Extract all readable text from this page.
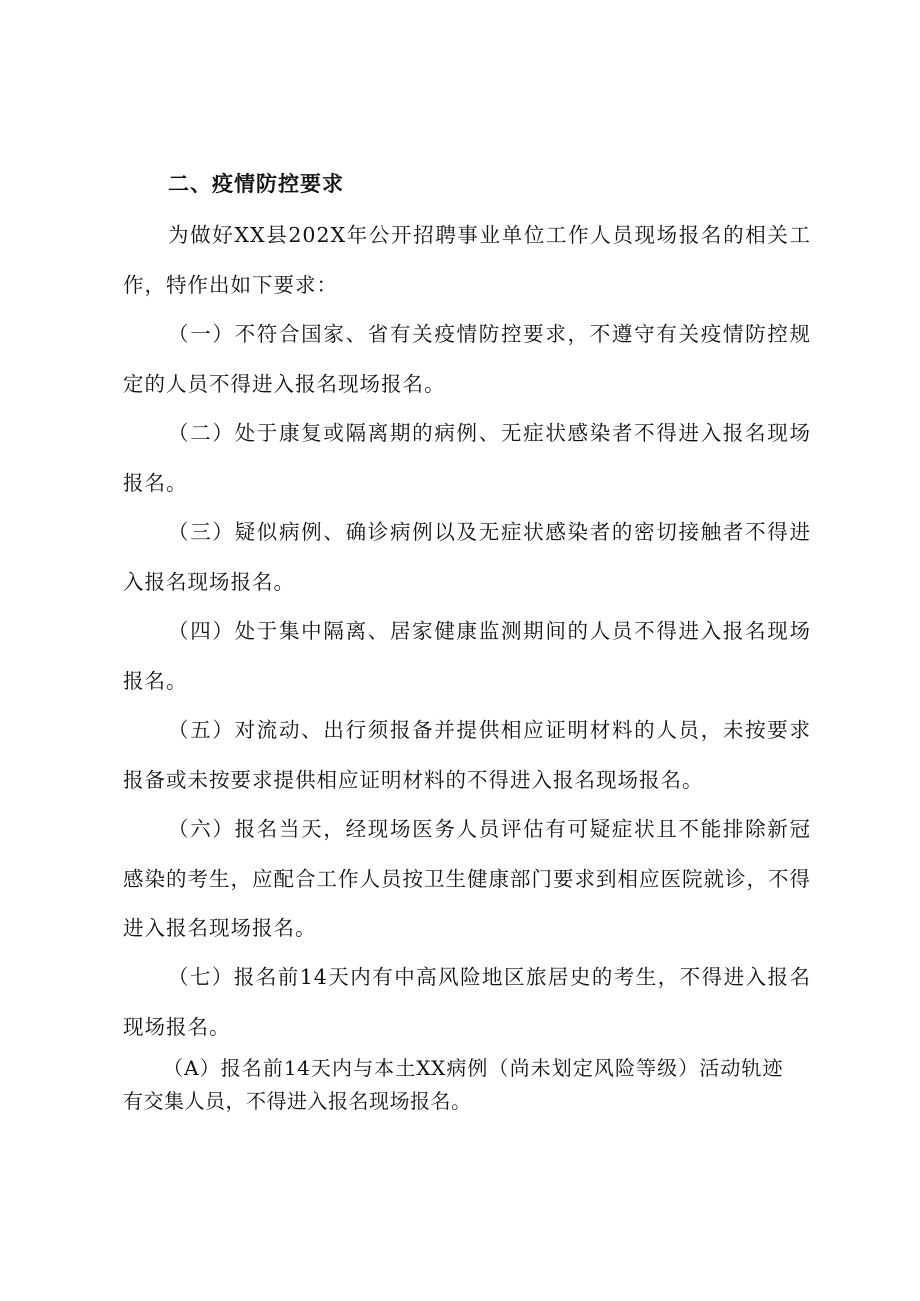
二、疫情防控要求

为做好XX县202X年公开招聘事业单位工作人员现场报名的相关工作，特作出如下要求：

（一）不符合国家、省有关疫情防控要求，不遵守有关疫情防控规定的人员不得进入报名现场报名。

（二）处于康复或隔离期的病例、无症状感染者不得进入报名现场报名。

（三）疑似病例、确诊病例以及无症状感染者的密切接触者不得进入报名现场报名。

（四）处于集中隔离、居家健康监测期间的人员不得进入报名现场报名。

（五）对流动、出行须报备并提供相应证明材料的人员，未按要求报备或未按要求提供相应证明材料的不得进入报名现场报名。

（六）报名当天，经现场医务人员评估有可疑症状且不能排除新冠感染的考生，应配合工作人员按卫生健康部门要求到相应医院就诊，不得进入报名现场报名。

（七）报名前14天内有中高风险地区旅居史的考生，不得进入报名现场报名。

（A）报名前14天内与本土XX病例（尚未划定风险等级）活动轨迹有交集人员，不得进入报名现场报名。
